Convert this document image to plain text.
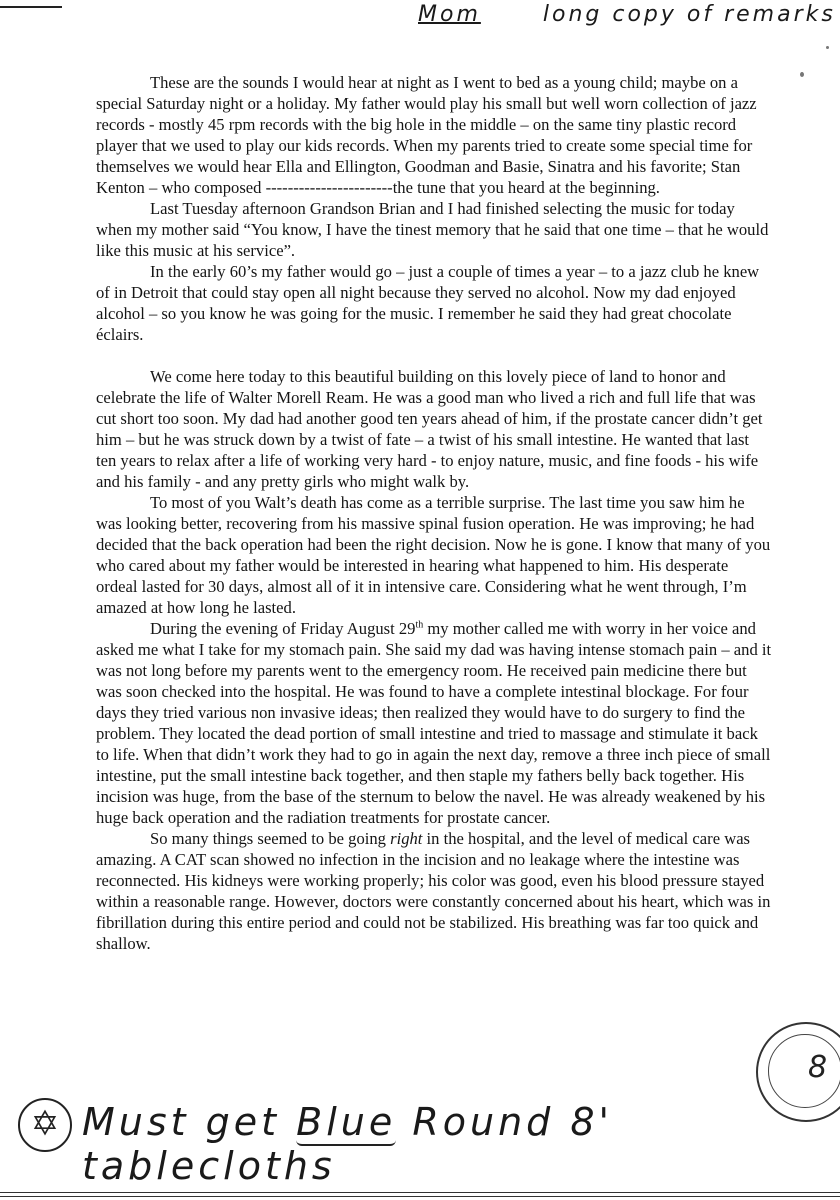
Mom	long copy of remarks

These are the sounds I would hear at night as I went to bed as a young child; maybe on a special Saturday night or a holiday. My father would play his small but well worn collection of jazz records - mostly 45 rpm records with the big hole in the middle – on the same tiny plastic record player that we used to play our kids records. When my parents tried to create some special time for themselves we would hear Ella and Ellington, Goodman and Basie, Sinatra and his favorite; Stan Kenton – who composed -----------------------the tune that you heard at the beginning.

Last Tuesday afternoon Grandson Brian and I had finished selecting the music for today when my mother said “You know, I have the tinest memory that he said that one time – that he would like this music at his service”.

In the early 60’s my father would go – just a couple of times a year – to a jazz club he knew of in Detroit that could stay open all night because they served no alcohol. Now my dad enjoyed alcohol – so you know he was going for the music. I remember he said they had great chocolate éclairs.

We come here today to this beautiful building on this lovely piece of land to honor and celebrate the life of Walter Morell Ream. He was a good man who lived a rich and full life that was cut short too soon. My dad had another good ten years ahead of him, if the prostate cancer didn’t get him – but he was struck down by a twist of fate – a twist of his small intestine. He wanted that last ten years to relax after a life of working very hard - to enjoy nature, music, and fine foods - his wife and his family - and any pretty girls who might walk by.

To most of you Walt’s death has come as a terrible surprise. The last time you saw him he was looking better, recovering from his massive spinal fusion operation. He was improving; he had decided that the back operation had been the right decision. Now he is gone. I know that many of you who cared about my father would be interested in hearing what happened to him. His desperate ordeal lasted for 30 days, almost all of it in intensive care. Considering what he went through, I’m amazed at how long he lasted.

During the evening of Friday August 29th my mother called me with worry in her voice and asked me what I take for my stomach pain. She said my dad was having intense stomach pain – and it was not long before my parents went to the emergency room. He received pain medicine there but was soon checked into the hospital. He was found to have a complete intestinal blockage. For four days they tried various non invasive ideas; then realized they would have to do surgery to find the problem. They located the dead portion of small intestine and tried to massage and stimulate it back to life. When that didn’t work they had to go in again the next day, remove a three inch piece of small intestine, put the small intestine back together, and then staple my fathers belly back together. His incision was huge, from the base of the sternum to below the navel. He was already weakened by his huge back operation and the radiation treatments for prostate cancer.

So many things seemed to be going right in the hospital, and the level of medical care was amazing. A CAT scan showed no infection in the incision and no leakage where the intestine was reconnected. His kidneys were working properly; his color was good, even his blood pressure stayed within a reasonable range. However, doctors were constantly concerned about his heart, which was in fibrillation during this entire period and could not be stabilized. His breathing was far too quick and shallow.

8
✡ Must get Blue Round 8' tablecloths
